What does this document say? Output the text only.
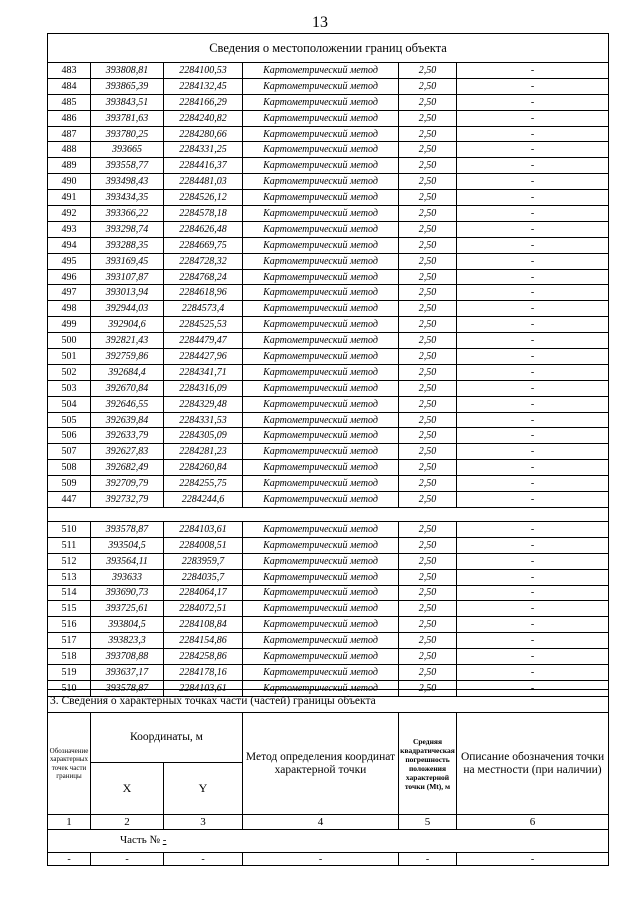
13
Сведения о местоположении границ объекта					
483	393808,81	2284100,53	Картометрический метод	2,50	-
484	393865,39	2284132,45	Картометрический метод	2,50	-
485	393843,51	2284166,29	Картометрический метод	2,50	-
486	393781,63	2284240,82	Картометрический метод	2,50	-
487	393780,25	2284280,66	Картометрический метод	2,50	-
488	393665	2284331,25	Картометрический метод	2,50	-
489	393558,77	2284416,37	Картометрический метод	2,50	-
490	393498,43	2284481,03	Картометрический метод	2,50	-
491	393434,35	2284526,12	Картометрический метод	2,50	-
492	393366,22	2284578,18	Картометрический метод	2,50	-
493	393298,74	2284626,48	Картометрический метод	2,50	-
494	393288,35	2284669,75	Картометрический метод	2,50	-
495	393169,45	2284728,32	Картометрический метод	2,50	-
496	393107,87	2284768,24	Картометрический метод	2,50	-
497	393013,94	2284618,96	Картометрический метод	2,50	-
498	392944,03	2284573,4	Картометрический метод	2,50	-
499	392904,6	2284525,53	Картометрический метод	2,50	-
500	392821,43	2284479,47	Картометрический метод	2,50	-
501	392759,86	2284427,96	Картометрический метод	2,50	-
502	392684,4	2284341,71	Картометрический метод	2,50	-
503	392670,84	2284316,09	Картометрический метод	2,50	-
504	392646,55	2284329,48	Картометрический метод	2,50	-
505	392639,84	2284331,53	Картометрический метод	2,50	-
506	392633,79	2284305,09	Картометрический метод	2,50	-
507	392627,83	2284281,23	Картометрический метод	2,50	-
508	392682,49	2284260,84	Картометрический метод	2,50	-
509	392709,79	2284255,75	Картометрический метод	2,50	-
447	392732,79	2284244,6	Картометрический метод	2,50	-

510	393578,87	2284103,61	Картометрический метод	2,50	-
511	393504,5	2284008,51	Картометрический метод	2,50	-
512	393564,11	2283959,7	Картометрический метод	2,50	-
513	393633	2284035,7	Картометрический метод	2,50	-
514	393690,73	2284064,17	Картометрический метод	2,50	-
515	393725,61	2284072,51	Картометрический метод	2,50	-
516	393804,5	2284108,84	Картометрический метод	2,50	-
517	393823,3	2284154,86	Картометрический метод	2,50	-
518	393708,88	2284258,86	Картометрический метод	2,50	-
519	393637,17	2284178,16	Картометрический метод	2,50	-
510	393578,87	2284103,61	Картометрический метод	2,50	-
3. Сведения о характерных точках части (частей) границы объекта					
Обозначение характерных точек части границы	Координаты, м		Метод определения координат характерной точки	Средняя квадратическая погрешность положения характерной точки (Mt), м	Описание обозначения точки на местности (при наличии)
	X	Y			
1	2	3	4	5	6

Часть № -					

-	-	-	-	-	-
